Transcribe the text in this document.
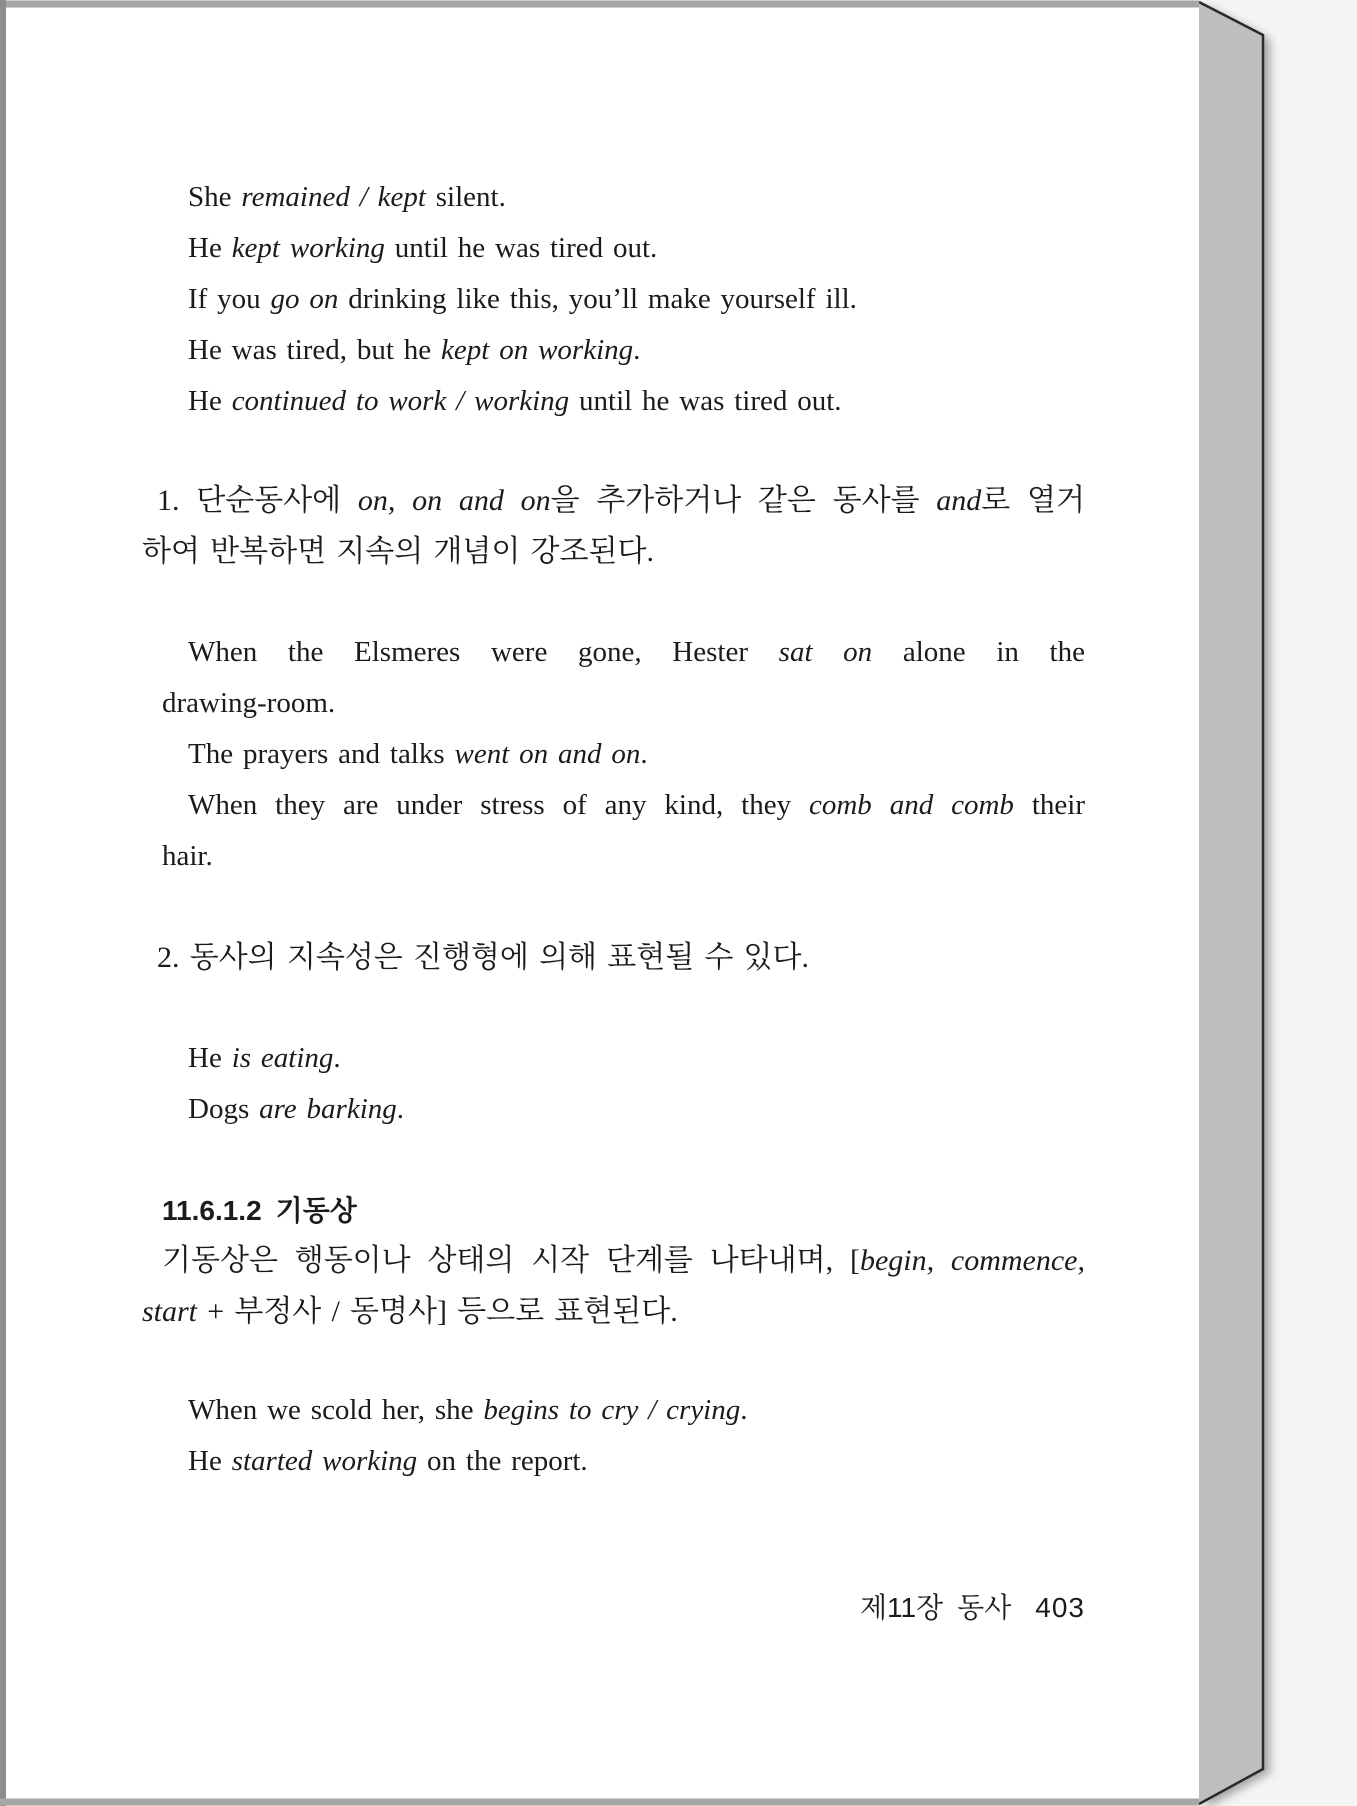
She remained / kept silent.

He kept working until he was tired out.

If you go on drinking like this, you’ll make yourself ill.

He was tired, but he kept on working.

He continued to work / working until he was tired out.

1. 단순동사에 on, on and on을 추가하거나 같은 동사를 and로 열거

하여 반복하면 지속의 개념이 강조된다.

When the Elsmeres were gone, Hester sat on alone in the

drawing-room.

The prayers and talks went on and on.

When they are under stress of any kind, they comb and comb their

hair.

2. 동사의 지속성은 진행형에 의해 표현될 수 있다.

He is eating.

Dogs are barking.

11.6.1.2 기동상

기동상은 행동이나 상태의 시작 단계를 나타내며, [begin, commence,

start + 부정사 / 동명사] 등으로 표현된다.

When we scold her, she begins to cry / crying.

He started working on the report.

제11장 동사 403
